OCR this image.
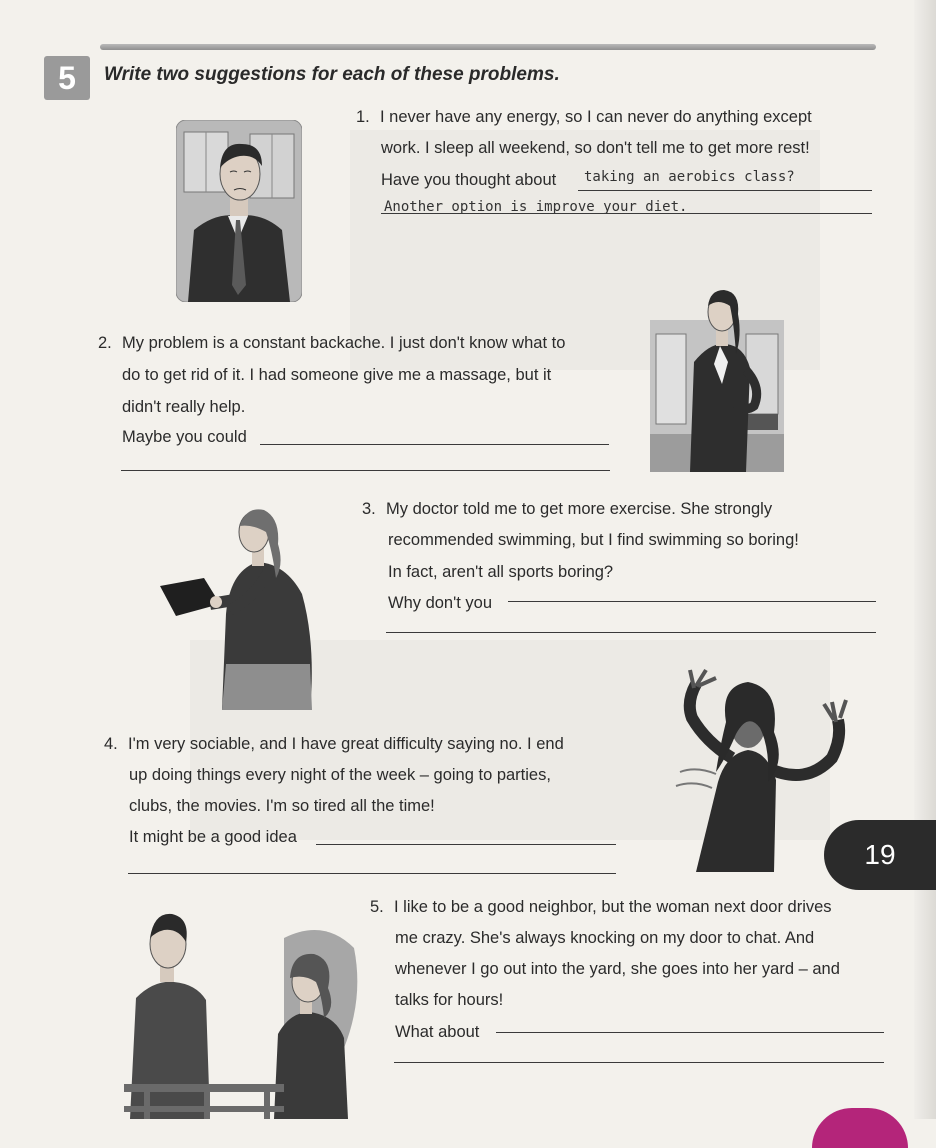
5	Write two suggestions for each of these problems.
1. I never have any energy, so I can never do anything except
work. I sleep all weekend, so don't tell me to get more rest!
Have you thought about taking an aerobics class?
Another option is improve your diet.
2. My problem is a constant backache. I just don't know what to
do to get rid of it. I had someone give me a massage, but it
didn't really help.
Maybe you could
3. My doctor told me to get more exercise. She strongly
recommended swimming, but I find swimming so boring!
In fact, aren't all sports boring?
Why don't you
4. I'm very sociable, and I have great difficulty saying no. I end
up doing things every night of the week – going to parties,
clubs, the movies. I'm so tired all the time!
It might be a good idea
19
5. I like to be a good neighbor, but the woman next door drives
me crazy. She's always knocking on my door to chat. And
whenever I go out into the yard, she goes into her yard – and
talks for hours!
What about
